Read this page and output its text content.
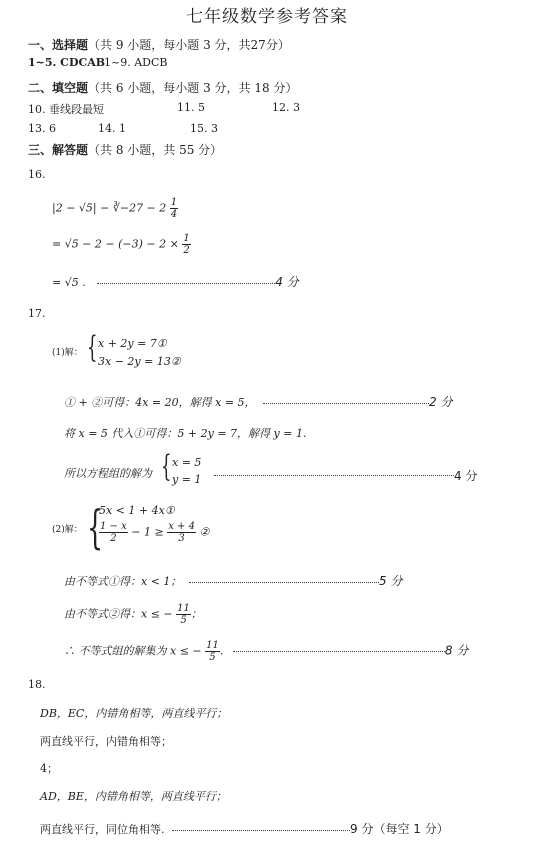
七年级数学参考答案
一、选择题（共 9 小题，每小题 3 分，共27分）
1~5. CDCAB
1~9. ADCB
二、填空题（共 6 小题，每小题 3 分，共 18 分）
10. 垂线段最短	11. 5	12. 3
13. 6	14. 1	15. 3
三、解答题（共 8 小题，共 55 分）
16.
|2 − √5| − ∛−27 − $2 \frac{1}{4}$
= $√5 - 2 - (-3) - 2 \times \frac{1}{2}$
= √5 .	4 分
17.
(1)解： { x + 2y = 7①
3x − 2y = 13②
① + ②可得：4x = 20，解得 x = 5，	2 分
将 x = 5 代入①可得：5 + 2y = 7，解得 y = 1.
所以方程组的解为 { x = 5
y = 1	4 分
(2)解： {
5x < 1 + 4x①
$\frac{1 - x}{2} - 1 \ge \frac{x + 4}{3}$ ②
由不等式①得：x < 1；	5 分
由不等式②得：x ≤ − $\frac{11}{5}$ ；
∴ 不等式组的解集为 x ≤ − $\frac{11}{5}$ .	8 分
18.
DB，EC，内错角相等，两直线平行；
两直线平行，内错角相等；
4；
AD，BE，内错角相等，两直线平行；
两直线平行，同位角相等.	9 分（每空 1 分）
